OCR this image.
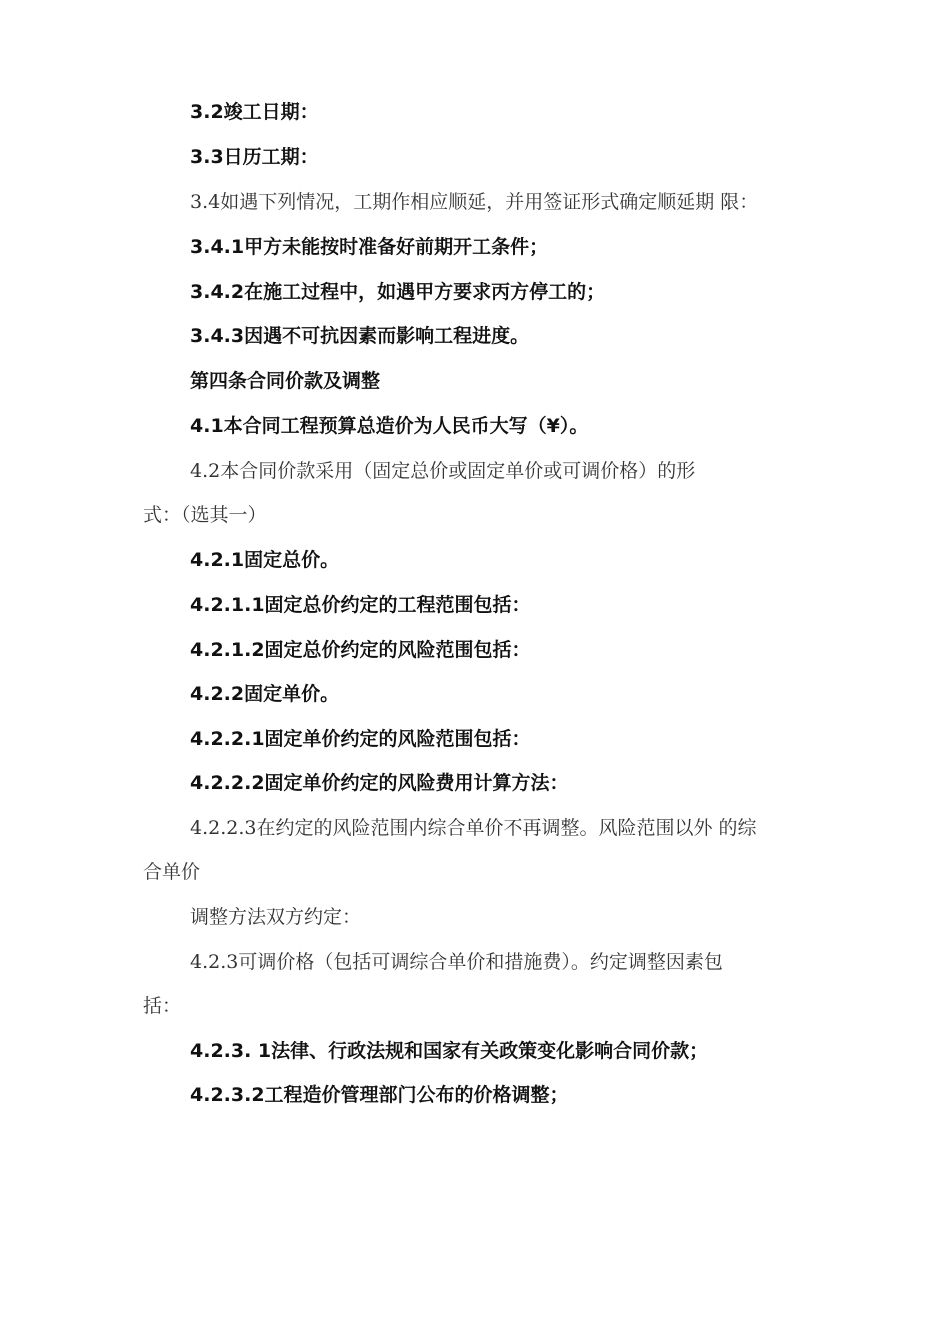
3.2竣工日期：
3.3日历工期：
3.4如遇下列情况，工期作相应顺延，并用签证形式确定顺延期 限：
3.4.1甲方未能按时准备好前期开工条件；
3.4.2在施工过程中，如遇甲方要求丙方停工的；
3.4.3因遇不可抗因素而影响工程进度。
第四条合同价款及调整
4.1本合同工程预算总造价为人民币大写（¥）。
4.2本合同价款采用（固定总价或固定单价或可调价格）的形
式：（选其一）
4.2.1固定总价。
4.2.1.1固定总价约定的工程范围包括：
4.2.1.2固定总价约定的风险范围包括：
4.2.2固定单价。
4.2.2.1固定单价约定的风险范围包括：
4.2.2.2固定单价约定的风险费用计算方法：
4.2.2.3在约定的风险范围内综合单价不再调整。风险范围以外 的综
合单价
调整方法双方约定：
4.2.3可调价格（包括可调综合单价和措施费）。约定调整因素包
括：
4.2.3. 1法律、行政法规和国家有关政策变化影响合同价款；
4.2.3.2工程造价管理部门公布的价格调整；
